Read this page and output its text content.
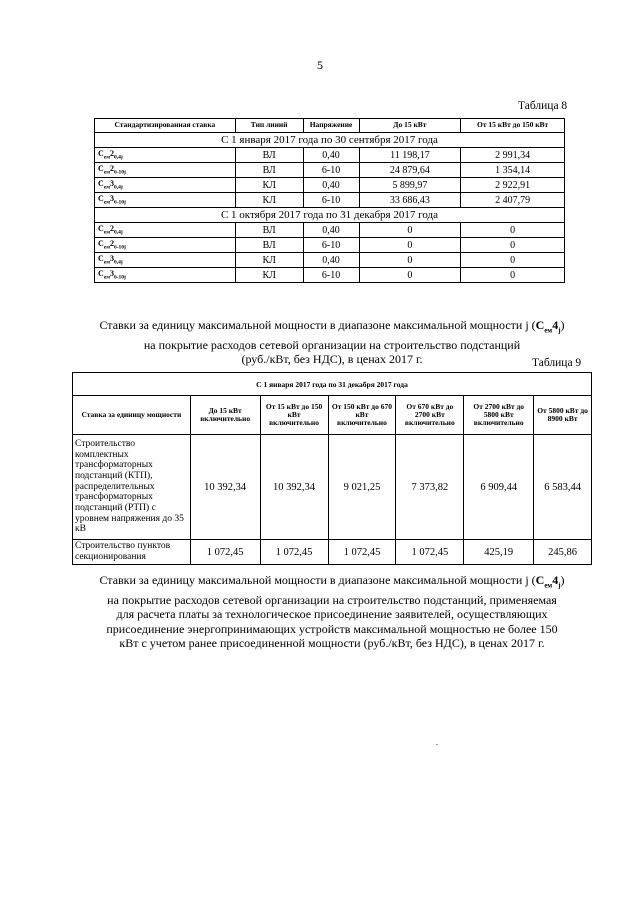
5
Таблица 8
Стандартизированная ставка	Тип линий	Напряжение	До 15 кВт	От 15 кВт до 150 кВт
С 1 января 2017 года по 30 сентября 2017 года				
$C_{ем}2_{0,4j}$	ВЛ	0,40	11 198,17	2 991,34
$C_{ем}2_{6-10j}$	ВЛ	6-10	24 879,64	1 354,14
$C_{ем}3_{0,4j}$	КЛ	0,40	5 899,97	2 922,91
$C_{ем}3_{6-10j}$	КЛ	6-10	33 686,43	2 407,79
С 1 октября 2017 года по 31 декабря 2017 года				
$C_{ем}2_{0,4j}$	ВЛ	0,40	0	0
$C_{ем}2_{6-10j}$	ВЛ	6-10	0	0
$C_{ем}3_{0,4j}$	КЛ	0,40	0	0
$C_{ем}3_{6-10j}$	КЛ	6-10	0	0
Ставки за единицу максимальной мощности в диапазоне максимальной мощности j $(C_{ем}4_j)$
на покрытие расходов сетевой организации на строительство подстанций
(руб./кВт, без НДС), в ценах 2017 г.	Таблица 9
С 1 января 2017 года по 31 декабря 2017 года						
Ставка за единицу мощности	До 15 кВт включительно	От 15 кВт до 150 кВт включительно	От 150 кВт до 670 кВт включительно	От 670 кВт до 2700 кВт включительно	От 2700 кВт до 5800 кВт включительно	От 5800 кВт до 8900 кВт
Строительство комплектных трансформаторных подстанций (КТП), распределительных трансформаторных подстанций (РТП) с уровнем напряжения до 35 кВ	10 392,34	10 392,34	9 021,25	7 373,82	6 909,44	6 583,44
Строительство пунктов секционирования	1 072,45	1 072,45	1 072,45	1 072,45	425,19	245,86
Ставки за единицу максимальной мощности в диапазоне максимальной мощности j $(C_{ем}4_j)$
на покрытие расходов сетевой организации на строительство подстанций, применяемая
для расчета платы за технологическое присоединение заявителей, осуществляющих
присоединение энергопринимающих устройств максимальной мощностью не более 150
кВт с учетом ранее присоединенной мощности (руб./кВт, без НДС), в ценах 2017 г.
